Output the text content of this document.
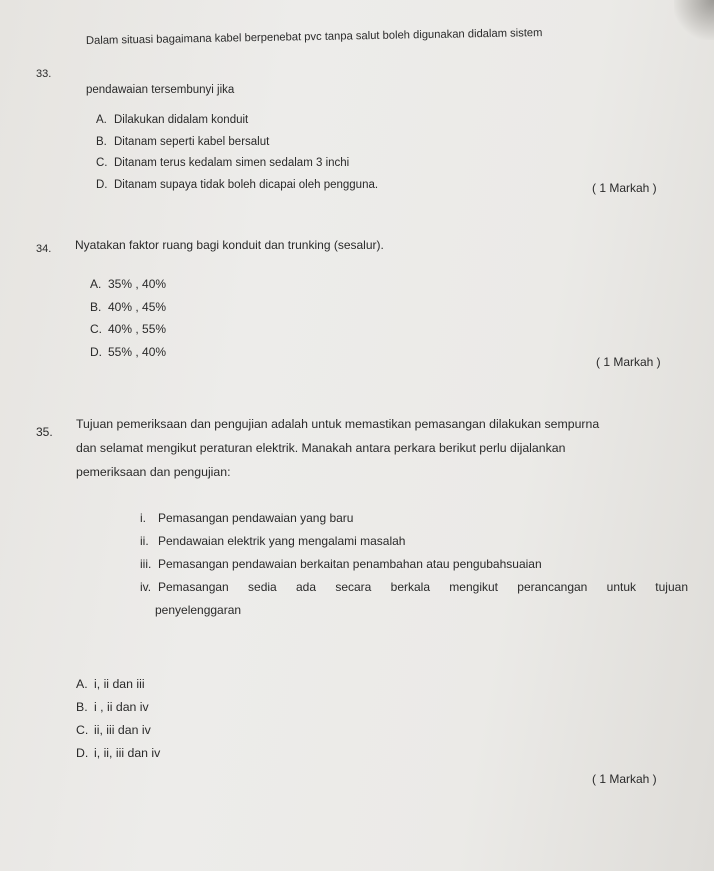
33.
Dalam situasi bagaimana kabel berpenebat pvc tanpa salut boleh digunakan didalam sistem
pendawaian tersembunyi jika
A. Dilakukan didalam konduit
B. Ditanam seperti kabel bersalut
C. Ditanam terus kedalam simen sedalam 3 inchi
D. Ditanam supaya tidak boleh dicapai oleh pengguna.	( 1 Markah )
34. Nyatakan faktor ruang bagi konduit dan trunking (sesalur).
A. 35% , 40%
B. 40% , 45%
C. 40% , 55%
D. 55% , 40%
( 1 Markah )
35.
Tujuan pemeriksaan dan pengujian adalah untuk memastikan pemasangan dilakukan sempurna
dan selamat mengikut peraturan elektrik. Manakah antara perkara berikut perlu dijalankan
pemeriksaan dan pengujian:
i. Pemasangan pendawaian yang baru
ii. Pendawaian elektrik yang mengalami masalah
iii. Pemasangan pendawaian berkaitan penambahan atau pengubahsuaian
iv. Pemasangan sedia ada secara berkala mengikut perancangan untuk tujuan
penyelenggaran
A. i, ii dan iii
B. i , ii dan iv
C. ii, iii dan iv
D. i, ii, iii dan iv
( 1 Markah )
